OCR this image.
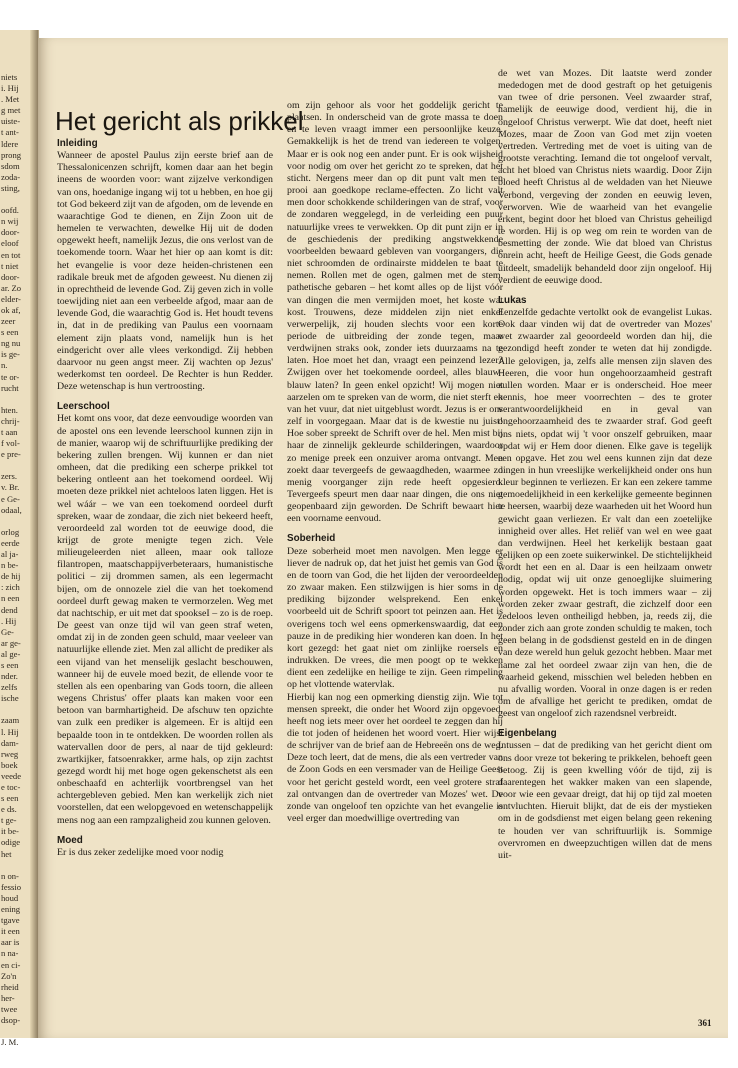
niets
i. Hij
. Met
g met
uiste-
t ant-
ldere
prong
sdom
zoda-
sting,
oofd.
n wij
door-
eloof
en tot
t niet
door-
ar. Zo
elder-
ok af,
zeer
s een
ng nu
is ge-
n.
te or-
rucht
hten.
chrij-
t aan
f vol-
e pre-
zers.
v. Br.
e Ge-
odaal,
orlog
eerde
al ja-
n be-
de hij
: zich
n een
dend
. Hij
Ge-
ar ge-
al ge-
s een
nder.
zelfs
ische
zaam
l. Hij
dam-
rweg
boek
veede
e toc-
s een
e ds.
t ge-
it be-
odige
het
n on-
fessio
houd
ening
tgave
it een
aar is
n na-
en ci-
Zo'n
rheid
her-
twee
dsop-
J. M.
Het gericht als prikkel
Inleiding

Wanneer de apostel Paulus zijn eerste brief aan de Thessalonicenzen schrijft, komen daar aan het begin ineens de woorden voor: want zijzelve verkondigen van ons, hoedanige ingang wij tot u hebben, en hoe gij tot God bekeerd zijt van de afgoden, om de levende en waarachtige God te dienen, en Zijn Zoon uit de hemelen te verwachten, dewelke Hij uit de doden opgewekt heeft, namelijk Jezus, die ons verlost van de toekomende toorn. Waar het hier op aan komt is dit: het evangelie is voor deze heiden-christenen een radikale breuk met de afgoden geweest. Nu dienen zij in oprechtheid de levende God. Zij geven zich in volle toewijding niet aan een verbeelde afgod, maar aan de levende God, die waarachtig God is. Het houdt tevens in, dat in de prediking van Paulus een voornaam element zijn plaats vond, namelijk hun is het eindgericht over alle vlees verkondigd. Zij hebben daarvoor nu geen angst meer. Zij wachten op Jezus' wederkomst ten oordeel. De Rechter is hun Redder. Deze wetenschap is hun vertroosting.

Leerschool

Het komt ons voor, dat deze eenvoudige woorden van de apostel ons een levende leerschool kunnen zijn in de manier, waarop wij de schriftuurlijke prediking der bekering zullen brengen. Wij kunnen er dan niet omheen, dat die prediking een scherpe prikkel tot bekering ontleent aan het toekomend oordeel. Wij moeten deze prikkel niet achteloos laten liggen. Het is wel wáár – we van een toekomend oordeel durft spreken, waar de zondaar, die zich niet bekeerd heeft, veroordeeld zal worden tot de eeuwige dood, die krijgt de grote menigte tegen zich. Vele milieugeleerden niet alleen, maar ook talloze filantropen, maatschappijverbeteraars, humanistische politici – zij drommen samen, als een legermacht bijen, om de onnozele ziel die van het toekomend oordeel durft gewag maken te vermorzelen. Weg met dat nachtschip, er uit met dat spookseI – zo is de roep. De geest van onze tijd wil van geen straf weten, omdat zij in de zonden geen schuld, maar veeleer van natuurlijke ellende ziet. Men zal allicht de prediker als een vijand van het menselijk geslacht beschouwen, wanneer hij de euvele moed bezit, de ellende voor te stellen als een openbaring van Gods toorn, die alleen wegens Christus' offer plaats kan maken voor een betoon van barmhartigheid. De afschuw ten opzichte van zulk een prediker is algemeen. Er is altijd een bepaalde toon in te ontdekken. De woorden rollen als watervallen door de pers, al naar de tijd gekleurd: zwartkijker, fatsoenrakker, arme hals, op zijn zachtst gezegd wordt hij met hoge ogen gekenschetst als een onbeschaafd en achterlijk voortbrengsel van het achtergebleven gebied. Men kan werkelijk zich niet voorstellen, dat een welopgevoed en wetenschappelijk mens nog aan een rampzaligheid zou kunnen geloven.

Moed

Er is dus zeker zedelijke moed voor nodig

om zijn gehoor als voor het goddelijk gericht te plaatsen. In onderscheid van de grote massa te doen en te leven vraagt immer een persoonlijke keuze. Gemakkelijk is het de trend van iedereen te volgen. Maar er is ook nog een ander punt. Er is ook wijsheid voor nodig om over het gericht zo te spreken, dat het sticht. Nergens meer dan op dit punt valt men ten prooi aan goedkope reclame-effecten. Zo licht valt men door schokkende schilderingen van de straf, voor de zondaren weggelegd, in de verleiding een puur natuurlijke vrees te verwekken. Op dit punt zijn er in de geschiedenis der prediking angstwekkende voorbeelden bewaard gebleven van voorgangers, die niet schroomden de ordinairste middelen te baat te nemen. Rollen met de ogen, galmen met de stem, pathetische gebaren – het komt alles op de lijst vóór van dingen die men vermijden moet, het koste wat kost. Trouwens, deze middelen zijn niet enkel verwerpelijk, zij houden slechts voor een korte periode de uitbreiding der zonde tegen, maar verdwijnen straks ook, zonder iets duurzaams na te laten. Hoe moet het dan, vraagt een peinzend lezer? Zwijgen over het toekomende oordeel, alles blauw-blauw laten? In geen enkel opzicht! Wij mogen niet aarzelen om te spreken van de worm, die niet sterft en van het vuur, dat niet uitgeblust wordt. Jezus is er ons zelf in voorgegaan. Maar dat is de kwestie nu juist! Hoe sober spreekt de Schrift over de hel. Men mist bij haar de zinnelijk gekleurde schilderingen, waardoor zo menige preek een onzuiver aroma ontvangt. Men zoekt daar tevergeefs de gewaagdheden, waarmee zo menig voorganger zijn rede heeft opgesierd. Tevergeefs speurt men daar naar dingen, die ons niet geopenbaard zijn geworden. De Schrift bewaart hier een voorname eenvoud.

Soberheid

Deze soberheid moet men navolgen. Men legge er liever de nadruk op, dat het juist het gemis van God is en de toorn van God, die het lijden der veroordeelden zo zwaar maken. Een stilzwijgen is hier soms in de prediking bijzonder welsprekend. Een enkel voorbeeld uit de Schrift spoort tot peinzen aan. Het is overigens toch wel eens opmerkenswaardig, dat een pauze in de prediking hier wonderen kan doen. In het kort gezegd: het gaat niet om zinlijke roersels en indrukken. De vrees, die men poogt op te wekken dient een zedelijke en heilige te zijn. Geen rimpeling op het vlottende watervlak.

Hierbij kan nog een opmerking dienstig zijn. Wie tot mensen spreekt, die onder het Woord zijn opgevoed, heeft nog iets meer over het oordeel te zeggen dan hij die tot joden of heidenen het woord voert. Hier wijst de schrijver van de brief aan de Hebreeën ons de weg. Deze toch leert, dat de mens, die als een vertreder van de Zoon Gods en een versmader van de Heilige Geest voor het gericht gesteld wordt, een veel grotere straf zal ontvangen dan de overtreder van Mozes' wet. De zonde van ongeloof ten opzichte van het evangelie is veel erger dan moedwillige overtreding van

de wet van Mozes. Dit laatste werd zonder mededogen met de dood gestraft op het getuigenis van twee of drie personen. Veel zwaarder straf, namelijk de eeuwige dood, verdient hij, die in ongeloof Christus verwerpt. Wie dat doet, heeft niet Mozes, maar de Zoon van God met zijn voeten vertreden. Vertreding met de voet is uiting van de grootste verachting. Iemand die tot ongeloof vervalt, acht het bloed van Christus niets waardig. Door Zijn bloed heeft Christus al de weldaden van het Nieuwe Verbond, vergeving der zonden en eeuwig leven, verworven. Wie de waarheid van het evangelie erkent, begint door het bloed van Christus geheiligd te worden. Hij is op weg om rein te worden van de besmetting der zonde. Wie dat bloed van Christus onrein acht, heeft de Heilige Geest, die Gods genade uitdeelt, smadelijk behandeld door zijn ongeloof. Hij verdient de eeuwige dood.

Lukas

Eenzelfde gedachte vertolkt ook de evangelist Lukas. Ook daar vinden wij dat de overtreder van Mozes' wet zwaarder zal geoordeeld worden dan hij, die gezondigd heeft zonder te weten dat hij zondigde. Alle gelovigen, ja, zelfs alle mensen zijn slaven des Heeren, die voor hun ongehoorzaamheid gestraft zullen worden. Maar er is onderscheid. Hoe meer kennis, hoe meer voorrechten – des te groter verantwoordelijkheid en in geval van ongehoorzaamheid des te zwaarder straf. God geeft ons niets, opdat wij 't voor onszelf gebruiken, maar opdat wij er Hem door dienen. Elke gave is tegelijk een opgave. Het zou wel eens kunnen zijn dat deze dingen in hun vreeslijke werkelijkheid onder ons hun kleur beginnen te verliezen. Er kan een zekere tamme gemoedelijkheid in een kerkelijke gemeente beginnen te heersen, waarbij deze waarheden uit het Woord hun gewicht gaan verliezen. Er valt dan een zoetelijke innigheid over alles. Het reliëf van wel en wee gaat dan verdwijnen. Heel het kerkelijk bestaan gaat gelijken op een zoete suikerwinkel. De stichtelijkheid wordt het een en al. Daar is een heilzaam onwetr nodig, opdat wij uit onze genoeglijke sluimering worden opgewekt. Het is toch immers waar – zij worden zeker zwaar gestraft, die zichzelf door een zedeloos leven ontheiligd hebben, ja, reeds zij, die zonder zich aan grote zonden schuldig te maken, toch geen belang in de godsdienst gesteld en in de dingen van deze wereld hun geluk gezocht hebben. Maar met name zal het oordeel zwaar zijn van hen, die de waarheid gekend, misschien wel beleden hebben en nu afvallig worden. Vooral in onze dagen is er reden om de afvallige het gericht te prediken, omdat de geest van ongeloof zich razendsnel verbreidt.

Eigenbelang

Intussen – dat de prediking van het gericht dient om ons door vreze tot bekering te prikkelen, behoeft geen betoog. Zij is geen kwelling vóór de tijd, zij is daarentegen het wakker maken van een slapende, voor wie een gevaar dreigt, dat hij op tijd zal moeten ontvluchten. Hieruit blijkt, dat de eis der mystieken om in de godsdienst met eigen belang geen rekening te houden ver van schriftuurlijk is. Sommige overvromen en dweepzuchtigen willen dat de mens uit-

361
